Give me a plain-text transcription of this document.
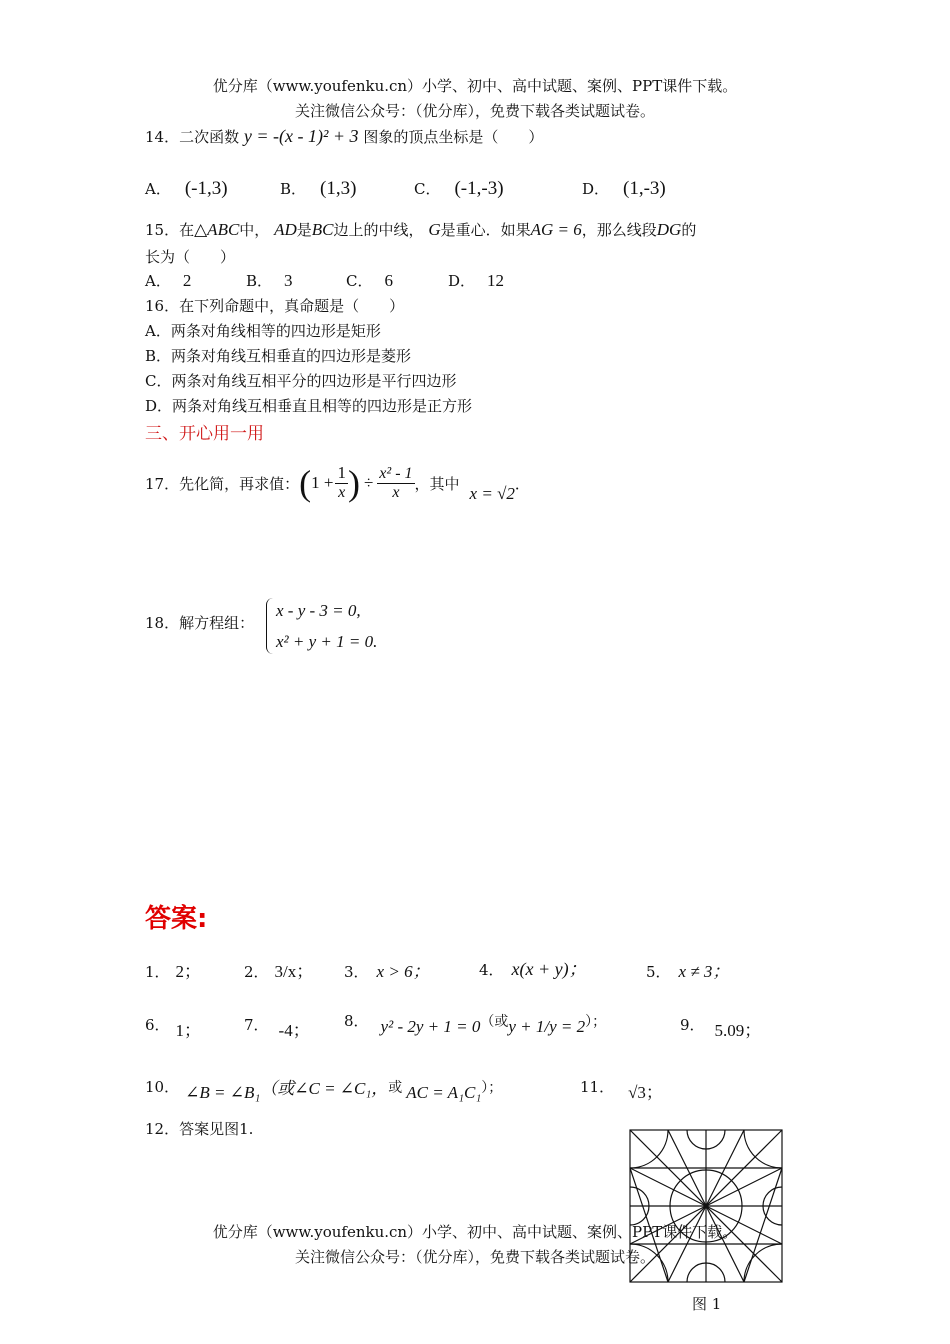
优分库（www.youfenku.cn）小学、初中、高中试题、案例、PPT课件下载。
关注微信公众号：（优分库），免费下载各类试题试卷。
14．二次函数 y = -(x - 1)² + 3 图象的顶点坐标是（　　）
A． (-1,3)	B． (1,3)	C． (-1,-3)	D． (1,-3)
15．在△ABC中， AD是BC边上的中线， G是重心．如果AG = 6，那么线段DG的
长为（　　）
A． 2	B． 3	C． 6	D． 12
16．在下列命题中，真命题是（　　）
A．两条对角线相等的四边形是矩形
B．两条对角线互相垂直的四边形是菱形
C．两条对角线互相平分的四边形是平行四边形
D．两条对角线互相垂直且相等的四边形是正方形
三、开心用一用
17． 先化简，再求值： ( $1 + \frac{1}{x}$ ) ÷ $\frac{\text{x² - 1}}{x}$ ，其中
x = √2
．
18．解方程组：
x - y - 3 = 0,
x² + y + 1 = 0.
答案:
1． 2；	2． 3/x； 3． x > 6；	4． x(x + y)；	5． x ≠ 3；
6． 1；	7． -4； 8． y² - 2y + 1 = 0（或y + 1/y = 2）；	9． 5.09；
10． ∠B = ∠B₁（或∠C = ∠C₁，或 AC = A₁C₁）；	11． √3；
12．答案见图1.
图 1
优分库（www.youfenku.cn）小学、初中、高中试题、案例、PPT课件下载。
关注微信公众号：（优分库），免费下载各类试题试卷。
